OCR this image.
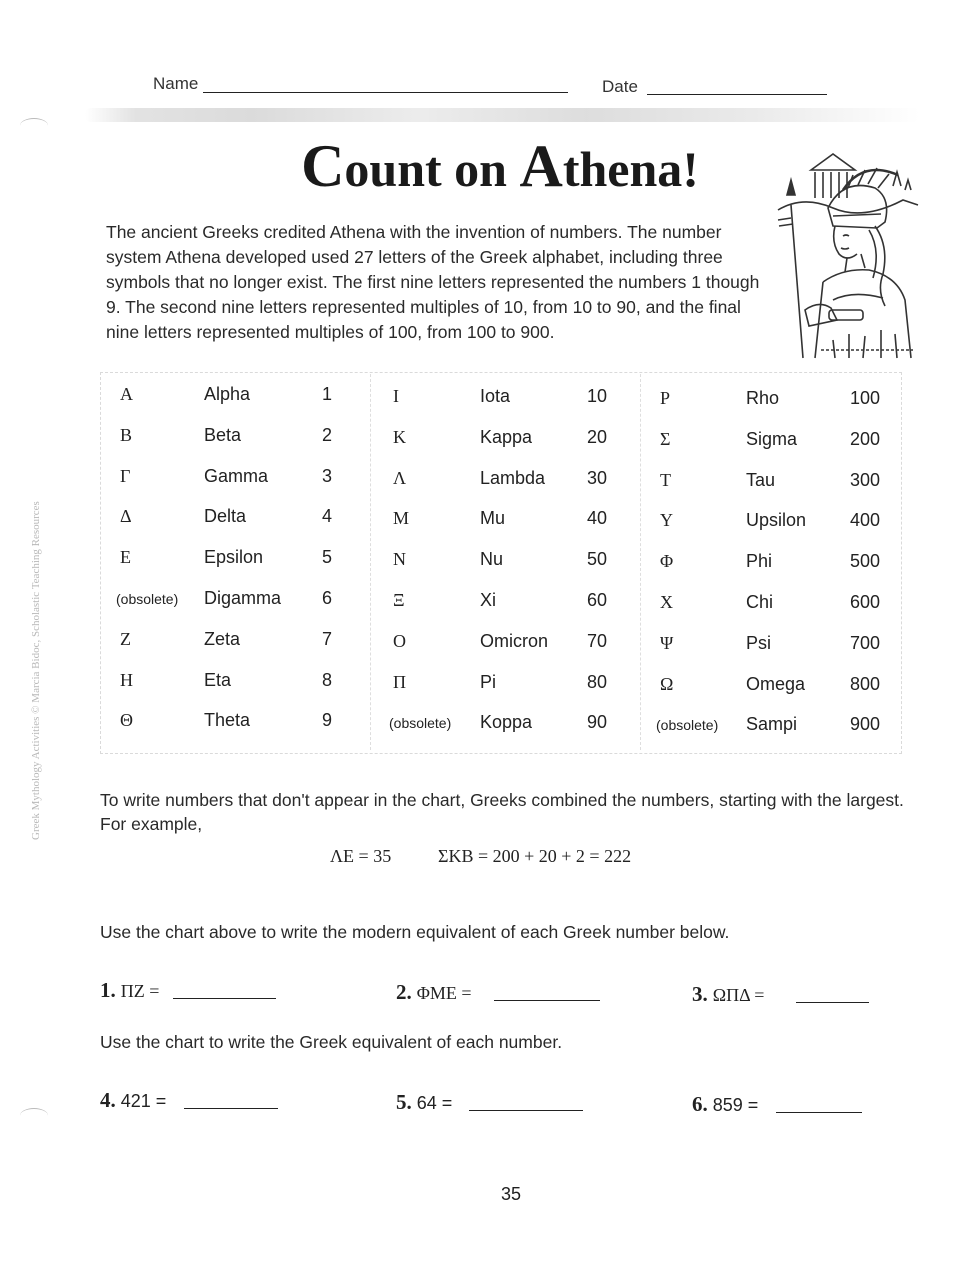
Greek Mythology Activities © Marcia Bidoc, Scholastic Teaching Resources
Name	Date
Count on Athena!
The ancient Greeks credited Athena with the invention of numbers. The number system Athena developed used 27 letters of the Greek alphabet, including three symbols that no longer exist. The first nine letters represented the numbers 1 though 9. The second nine letters represented multiples of 10, from 10 to 90, and the final nine letters represented multiples of 100, from 100 to 900.
Α	Alpha	1
Β	Beta	2
Γ	Gamma	3
Δ	Delta	4
Ε	Epsilon	5
(obsolete) Digamma 6
Ζ	Zeta	7
Η	Eta	8
Θ	Theta	9
Ι	Iota	10
Κ	Kappa	20
Λ	Lambda 30
Μ	Mu	40
Ν	Nu	50
Ξ	Xi	60
Ο	Omicron 70
Π	Pi	80
(obsolete) Koppa	90
Ρ	Rho	100
Σ	Sigma	200
Τ	Tau	300
Υ	Upsilon 400
Φ	Phi	500
Χ	Chi	600
Ψ	Psi	700
Ω	Omega 800
(obsolete) Sampi	900
To write numbers that don't appear in the chart, Greeks combined the numbers, starting with the largest. For example,
ΛΕ = 35	ΣΚΒ = 200 + 20 + 2 = 222
Use the chart above to write the modern equivalent of each Greek number below.
1. ΠΖ =	2. ΦΜΕ =	3. ΩΠΔ =
Use the chart to write the Greek equivalent of each number.
4. 421 =	5. 64 =	6. 859 =
35
